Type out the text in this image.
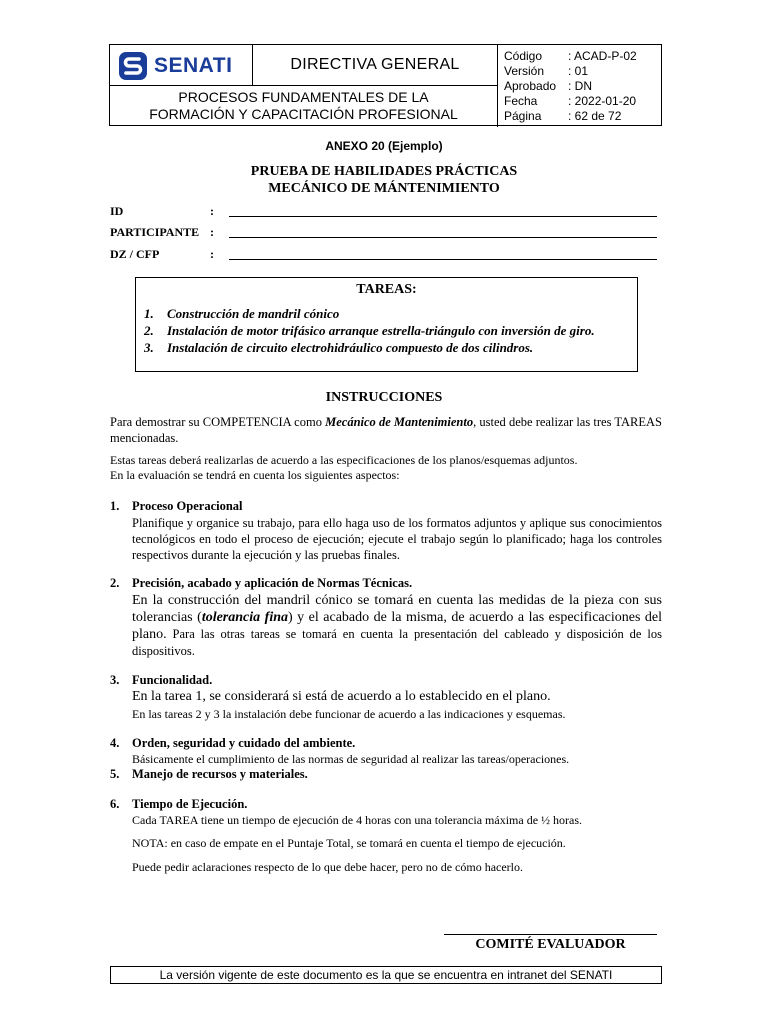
SENATI	DIRECTIVA GENERAL
PROCESOS FUNDAMENTALES DE LA
FORMACIÓN Y CAPACITACIÓN PROFESIONAL
Código	: ACAD-P-02
Versión	: 01
Aprobado : DN
Fecha	: 2022-01-20
Página	: 62 de 72
ANEXO 20 (Ejemplo)
PRUEBA DE HABILIDADES PRÁCTICAS
MECÁNICO DE MÁNTENIMIENTO
ID	:
PARTICIPANTE :
DZ / CFP	:
TAREAS:
1. Construcción de mandril cónico
2. Instalación de motor trifásico arranque estrella-triángulo con inversión de giro.
3. Instalación de circuito electrohidráulico compuesto de dos cilindros.
INSTRUCCIONES
Para demostrar su COMPETENCIA como Mecánico de Mantenimiento, usted debe realizar las tres TAREAS mencionadas.
Estas tareas deberá realizarlas de acuerdo a las especificaciones de los planos/esquemas adjuntos.
En la evaluación se tendrá en cuenta los siguientes aspectos:
1. Proceso Operacional
Planifique y organice su trabajo, para ello haga uso de los formatos adjuntos y aplique sus conocimientos tecnológicos en todo el proceso de ejecución; ejecute el trabajo según lo planificado; haga los controles respectivos durante la ejecución y las pruebas finales.
2. Precisión, acabado y aplicación de Normas Técnicas.
En la construcción del mandril cónico se tomará en cuenta las medidas de la pieza con sus tolerancias (tolerancia fina) y el acabado de la misma, de acuerdo a las especificaciones del plano. Para las otras tareas se tomará en cuenta la presentación del cableado y disposición de los dispositivos.
3. Funcionalidad.
En la tarea 1, se considerará si está de acuerdo a lo establecido en el plano.
En las tareas 2 y 3 la instalación debe funcionar de acuerdo a las indicaciones y esquemas.
4. Orden, seguridad y cuidado del ambiente.
Básicamente el cumplimiento de las normas de seguridad al realizar las tareas/operaciones.
5. Manejo de recursos y materiales.
6. Tiempo de Ejecución.
Cada TAREA tiene un tiempo de ejecución de 4 horas con una tolerancia máxima de ½ horas.
NOTA: en caso de empate en el Puntaje Total, se tomará en cuenta el tiempo de ejecución.
Puede pedir aclaraciones respecto de lo que debe hacer, pero no de cómo hacerlo.
COMITÉ EVALUADOR
La versión vigente de este documento es la que se encuentra en intranet del SENATI
